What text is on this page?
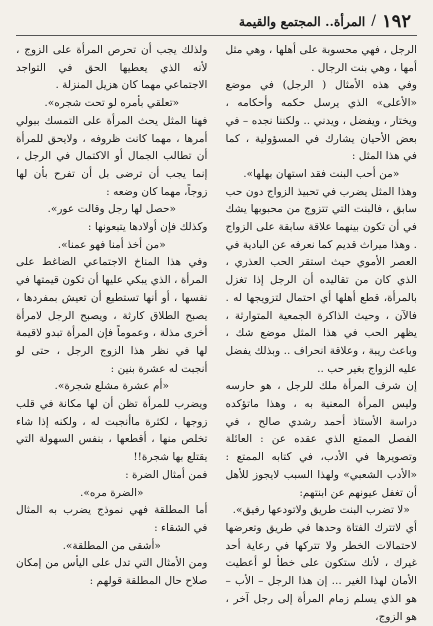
١٩٢
/
المرأة.. المجتمع والقيمة

الرجل ، فهي محسوبة على أهلها ، وهي مثل أمها ، وهي بنت الرجال .

وفي هذه الأمثال ( الرجل) في موضع «الأعلى» الذي يرسل حكمه وأحكامه ، ويختار ، ويفضل ، ويدني .. ولكننا نجده – في بعض الأحيان يشارك في المسؤولية ، كما في هذا المثل :

«من أحب البنت فقد استهان بهلها».

وهذا المثل يضرب في تحبيذ الزواج دون حب سابق ، فالبنت التي تتزوج من محبوبها يشك في أن تكون بينهما علاقة سابقة على الزواج . وهذا ميراث قديم كما نعرفه عن البادية في العصر الأموي حيث استقر الحب العذري ، الذي كان من تقاليده أن الرجل إذا تغزل بالمرأة، قطع أهلها أي احتمال لتزويجها له . فالآن ، وحيث الذاكرة الجمعية المتوارثة ، يظهر الحب في هذا المثل موضع شك ، وباعث ريبة ، وعلاقة انحراف .. وبذلك يفضل عليه الزواج بغير حب ..

إن شرف المرأة ملك للرجل ، هو حارسه وليس المرأة المعنية به ، وهذا ماتؤكده دراسة الأستاذ أحمد رشدي صالح ، في الفصل الممتع الذي عقده عن : العائلة وتصويرها في الأدب، في كتابه الممتع : «الأدب الشعبي» ولهذا السبب لايجوز للأهل أن تغفل عيونهم عن ابنتهم:

«لا تضرب البنت طريق ولاتودعها رفيق».

أي لاتترك الفتاة وحدها في طريق وتعرضها لاحتمالات الخطر ولا تتركها في رعاية أحد غيرك ، لأنك ستكون على خطأ لو أعطيت الأمان لهذا الغير ... إن هذا الرجل – الأب – هو الذي يسلم زمام المرأة إلى رجل آخر ، هو الزوج،

ولذلك يجب أن تحرص المرأة على الزوج ، لأنه الذي يعطيها الحق في التواجد الاجتماعي مهما كان هزيل المنزلة .

«تعلقي بأمره لو تحت شجره».

فهنا المثل يحث المرأة على التمسك ببولي أمرها ، مهما كانت ظروفه ، ولايحق للمرأة أن تطالب الجمال أو الاكتمال في الرجل ، إنما يجب أن ترضى بل أن تفرح بأن لها زوجاً، مهما كان وضعه :

«حصل لها رجل وقالت عور».

وكذلك فإن أولادها يتبعونها :

«من أخذ أمنا فهو عمنا».

وفي هذا المناخ الاجتماعي الضاغط على المرأة ، الذي يبكي عليها أن تكون قيمتها في نفسها ، أو أنها تستطيع أن تعيش بمفردها ، يصبح الطلاق كارثة ، ويصبح الرجل لامرأة أخرى مذلة ، وعموماً فإن المرأة تبدو لاقيمة لها في نظر هذا الزوج الرجل ، حتى لو أنجبت له عشرة بنين :

«أم عشرة مشلع شجرة».

ويضرب للمرأة تظن أن لها مكانة في قلب زوجها ، لكثرة ماأنجبت له ، ولكنه إذا شاء تخلص منها ، أقطعها ، بنفس السهولة التي يقتلع بها شجرة!!

فمن أمثال الضرة :

«الضرة مره».

أما المطلقة فهي نموذج يضرب به المثال في الشقاء :

«أشقى من المطلقة».

ومن الأمثال التي تدل على اليأس من إمكان صلاح حال المطلقة قولهم :
